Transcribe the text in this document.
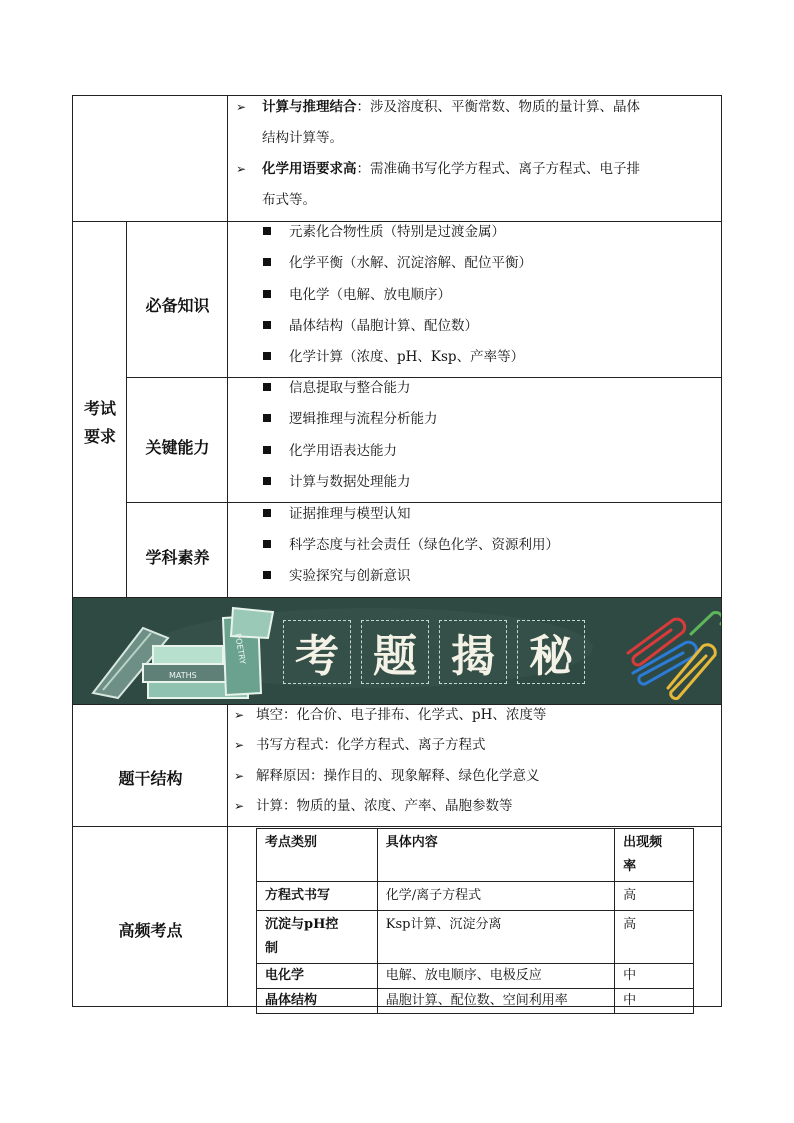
➢ 计算与推理结合：涉及溶度积、平衡常数、物质的量计算、晶体
结构计算等。
➢ 化学用语要求高：需准确书写化学方程式、离子方程式、电子排
布式等。
考试
要求
必备知识
元素化合物性质（特别是过渡金属）
化学平衡（水解、沉淀溶解、配位平衡）
电化学（电解、放电顺序）
晶体结构（晶胞计算、配位数）
化学计算（浓度、pH、Ksp、产率等）
关键能力
信息提取与整合能力
逻辑推理与流程分析能力
化学用语表达能力
计算与数据处理能力
学科素养
证据推理与模型认知
科学态度与社会责任（绿色化学、资源利用）
实验探究与创新意识
MATHS
POETRY 考 题 揭 秘
题干结构
➢ 填空：化合价、电子排布、化学式、pH、浓度等
➢ 书写方程式：化学方程式、离子方程式
➢ 解释原因：操作目的、现象解释、绿色化学意义
➢ 计算：物质的量、浓度、产率、晶胞参数等
高频考点
考点类别	具体内容	出现频
率

方程式书写	化学/离子方程式	高

沉淀与pH控
制	Ksp计算、沉淀分离	高
电化学	电解、放电顺序、电极反应	中
晶体结构	晶胞计算、配位数、空间利用率	中
